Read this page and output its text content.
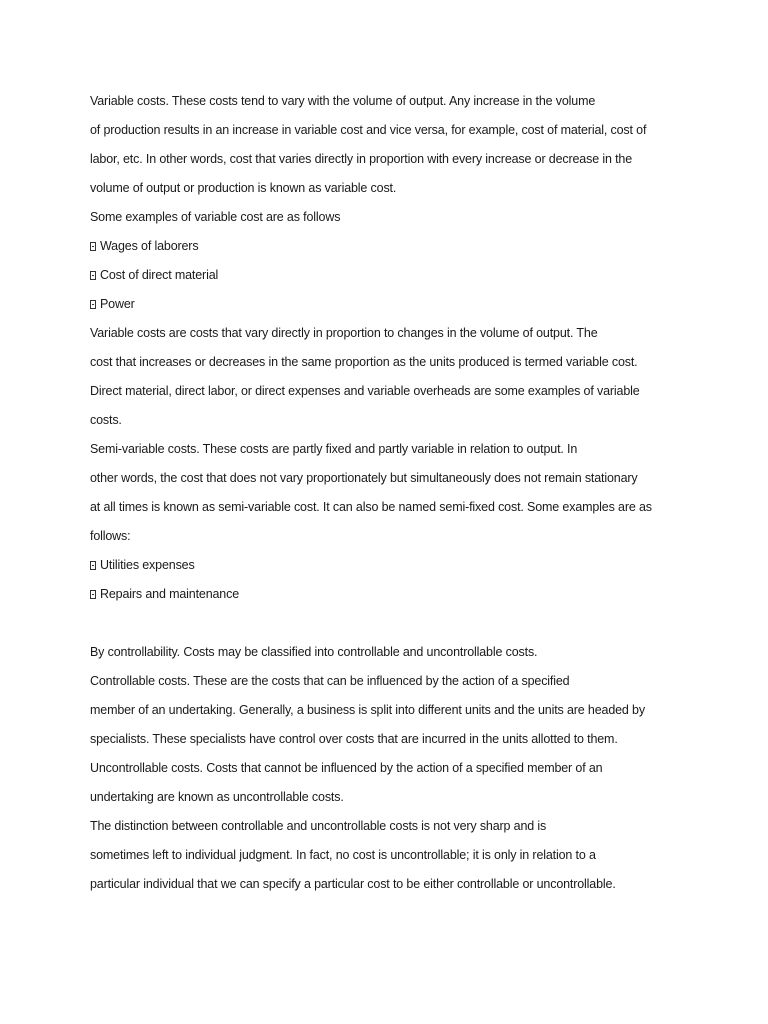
Variable costs. These costs tend to vary with the volume of output. Any increase in the volume
of production results in an increase in variable cost and vice versa, for example, cost of material, cost of
labor, etc. In other words, cost that varies directly in proportion with every increase or decrease in the
volume of output or production is known as variable cost.
Some examples of variable cost are as follows
Wages of laborers
Cost of direct material
Power
Variable costs are costs that vary directly in proportion to changes in the volume of output. The
cost that increases or decreases in the same proportion as the units produced is termed variable cost.
Direct material, direct labor, or direct expenses and variable overheads are some examples of variable
costs.
Semi-variable costs. These costs are partly fixed and partly variable in relation to output. In
other words, the cost that does not vary proportionately but simultaneously does not remain stationary
at all times is known as semi-variable cost. It can also be named semi-fixed cost. Some examples are as
follows:
Utilities expenses
Repairs and maintenance
By controllability. Costs may be classified into controllable and uncontrollable costs.
Controllable costs. These are the costs that can be influenced by the action of a specified
member of an undertaking. Generally, a business is split into different units and the units are headed by
specialists. These specialists have control over costs that are incurred in the units allotted to them.
Uncontrollable costs. Costs that cannot be influenced by the action of a specified member of an
undertaking are known as uncontrollable costs.
The distinction between controllable and uncontrollable costs is not very sharp and is
sometimes left to individual judgment. In fact, no cost is uncontrollable; it is only in relation to a
particular individual that we can specify a particular cost to be either controllable or uncontrollable.
